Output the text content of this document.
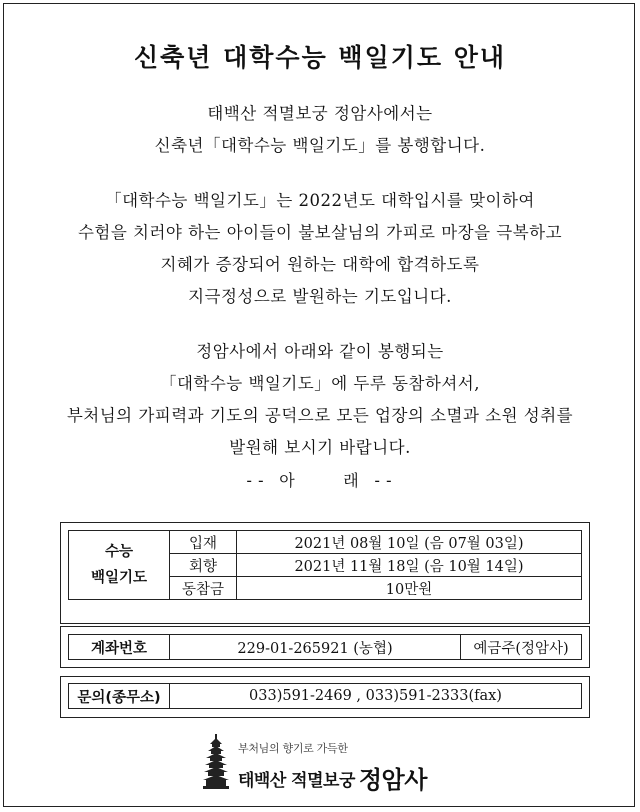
신축년 대학수능 백일기도 안내
태백산 적멸보궁 정암사에서는
신축년「대학수능 백일기도」를 봉행합니다.
「대학수능 백일기도」는 2022년도 대학입시를 맞이하여
수험을 치러야 하는 아이들이 불보살님의 가피로 마장을 극복하고
지혜가 증장되어 원하는 대학에 합격하도록
지극정성으로 발원하는 기도입니다.
정암사에서 아래와 같이 봉행되는
「대학수능 백일기도」에 두루 동참하셔서,
부처님의 가피력과 기도의 공덕으로 모든 업장의 소멸과 소원 성취를
발원해 보시기 바랍니다.
-- 아    래 --
수능
백일기도	입재	2021년 08월 10일 (음 07월 03일)
	회향	2021년 11월 18일 (음 10월 14일)
	동참금	10만원
계좌번호	229-01-265921 (농협)	예금주(정암사)
문의(종무소)	033)591-2469 , 033)591-2333(fax)
부처님의 향기로 가득한
태백산 적멸보궁 정암사
